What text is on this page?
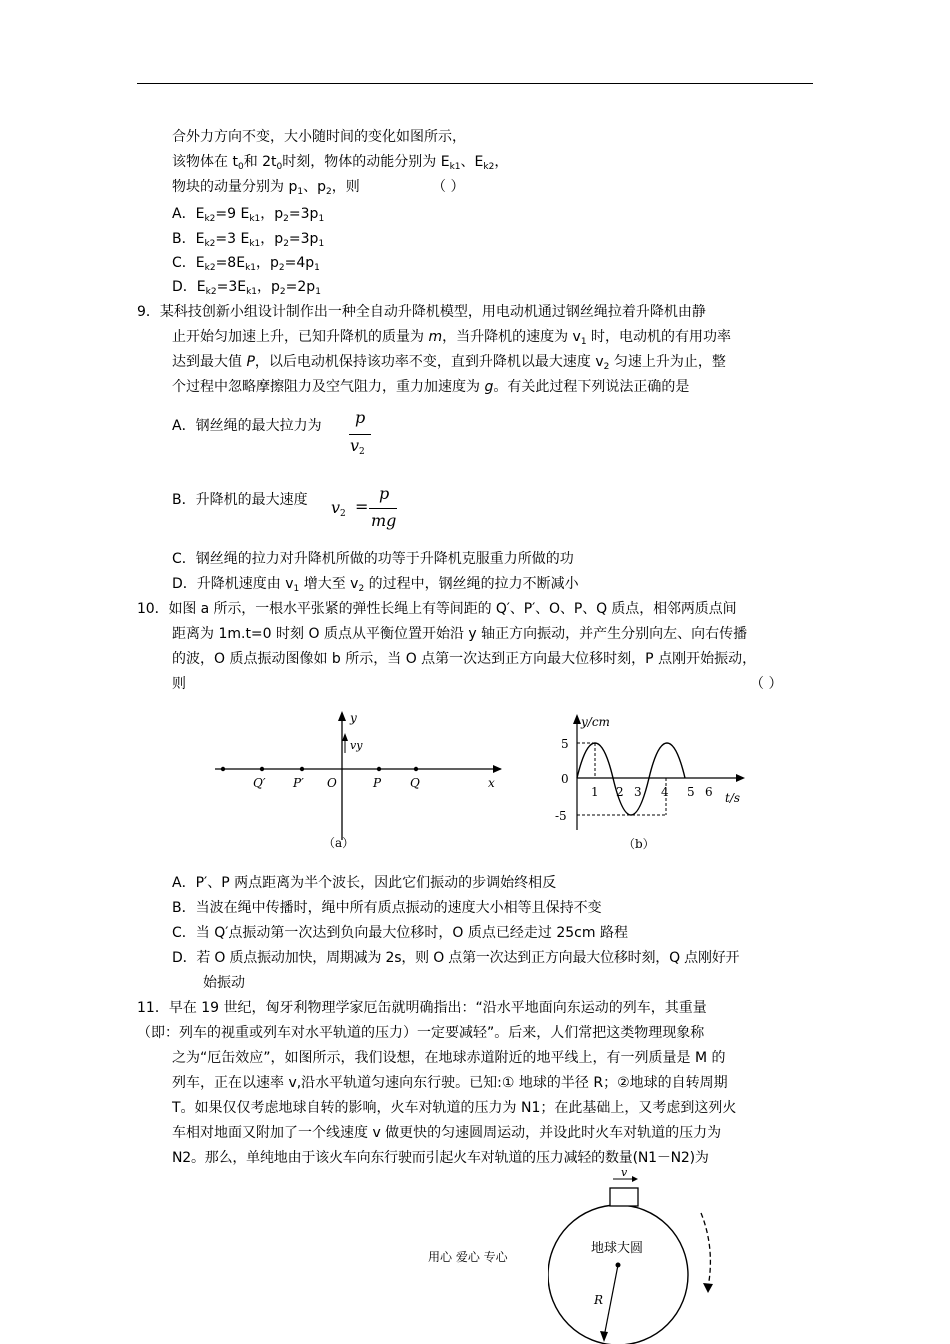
合外力方向不变，大小随时间的变化如图所示，
该物体在 $t_0$和 $2t_0$时刻，物体的动能分别为 $E_{k1}$、$E_{k2}$，
物块的动量分别为 $p_1$、$p_2$，则	（ ）
A．$E_{k2}=9$ $E_{k1}$，$p_2=3p_1$
B．$E_{k2}=3$ $E_{k1}$，$p_2=3p_1$
C．$E_{k2}=8E_{k1}$，$p_2=4p_1$
D．$E_{k2}=3E_{k1}$，$p_2=2p_1$
9．某科技创新小组设计制作出一种全自动升降机模型，用电动机通过钢丝绳拉着升降机由静
止开始匀加速上升，已知升降机的质量为 m，当升降机的速度为 $v_1$ 时，电动机的有用功率
达到最大值 P，以后电动机保持该功率不变，直到升降机以最大速度 $v_2$ 匀速上升为止，整
个过程中忽略摩擦阻力及空气阻力，重力加速度为 g。有关此过程下列说法正确的是
A．钢丝绳的最大拉力为 p
$v_2$
B．升降机的最大速度 $v_2$ =
p
mg
C．钢丝绳的拉力对升降机所做的功等于升降机克服重力所做的功
D．升降机速度由 $v_1$ 增大至 $v_2$ 的过程中，钢丝绳的拉力不断减小
10．如图 a 所示，一根水平张紧的弹性长绳上有等间距的 Q′、P′、O、P、Q 质点，相邻两质点间
距离为 1m.t=0 时刻 O 质点从平衡位置开始沿 y 轴正方向振动，并产生分别向左、向右传播
的波，O 质点振动图像如 b 所示，当 O 点第一次达到正方向最大位移时刻，P 点刚开始振动，
则	（ ）
y
vy
x
Q′ P′ O	P Q
（a）
y/cm
t/s
5
0
-5
1 2 3 4 5 6
（b）
A．P′、P 两点距离为半个波长，因此它们振动的步调始终相反
B．当波在绳中传播时，绳中所有质点振动的速度大小相等且保持不变
C．当 Q′点振动第一次达到负向最大位移时，O 质点已经走过 25cm 路程
D．若 O 质点振动加快，周期减为 2s，则 O 点第一次达到正方向最大位移时刻，Q 点刚好开
始振动
11．早在 19 世纪，匈牙利物理学家厄缶就明确指出：“沿水平地面向东运动的列车，其重量
（即：列车的视重或列车对水平轨道的压力）一定要减轻”。后来，人们常把这类物理现象称
之为“厄缶效应”，如图所示，我们设想，在地球赤道附近的地平线上，有一列质量是 M 的
列车，正在以速率 v,沿水平轨道匀速向东行驶。已知:① 地球的半径 R；②地球的自转周期
T。如果仅仅考虑地球自转的影响，火车对轨道的压力为 N1；在此基础上，又考虑到这列火
车相对地面又附加了一个线速度 v 做更快的匀速圆周运动，并设此时火车对轨道的压力为
N2。那么，单纯地由于该火车向东行驶而引起火车对轨道的压力减轻的数量(N1－N2)为
v
地球大圆
R
用心 爱心 专心
